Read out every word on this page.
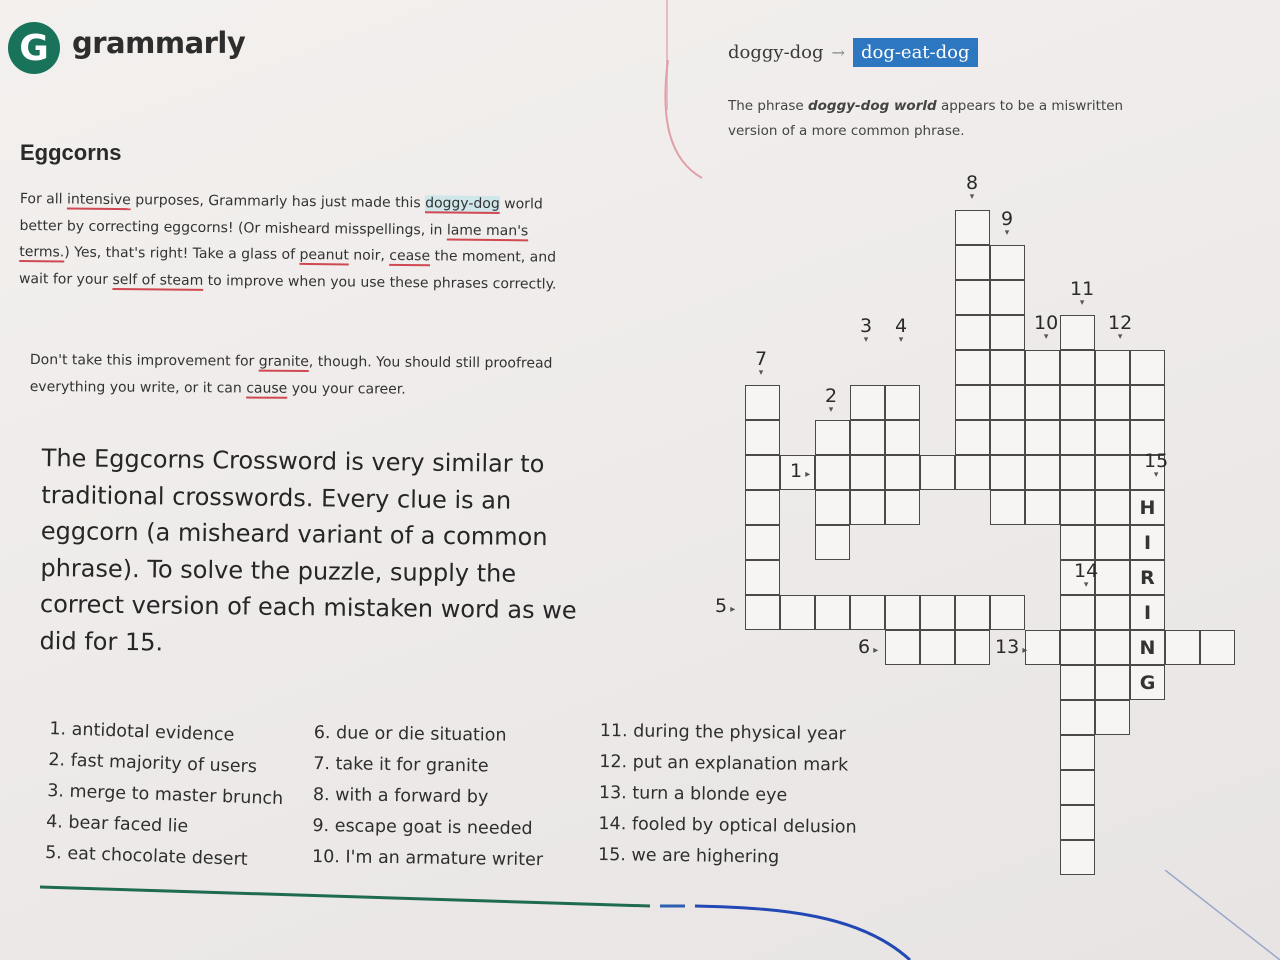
G grammarly
Eggcorns
For all intensive purposes, Grammarly has just made this doggy-dog world better by correcting eggcorns! (Or misheard misspellings, in lame man's terms.) Yes, that's right! Take a glass of peanut noir, cease the moment, and wait for your self of steam to improve when you use these phrases correctly.
Don't take this improvement for granite, though. You should still proofread everything you write, or it can cause you your career.
The Eggcorns Crossword is very similar to traditional crosswords. Every clue is an eggcorn (a misheard variant of a common phrase). To solve the puzzle, supply the correct version of each mistaken word as we did for 15.
doggy-dog → dog-eat-dog
The phrase doggy-dog world appears to be a miswritten version of a more common phrase.
H
I
R
I
N
G
1 ▸
2 ▾
3 ▾ 4 ▾
5 ▸
6 ▸
7 ▾
8 ▾
9 ▾
10 ▾
11 ▾
12 ▾
13 ▸
14 ▾
15 ▾
1. antidotal evidence
2. fast majority of users
3. merge to master brunch
4. bear faced lie
5. eat chocolate desert
6. due or die situation
7. take it for granite
8. with a forward by
9. escape goat is needed
10. I'm an armature writer
11. during the physical year
12. put an explanation mark
13. turn a blonde eye
14. fooled by optical delusion
15. we are highering
